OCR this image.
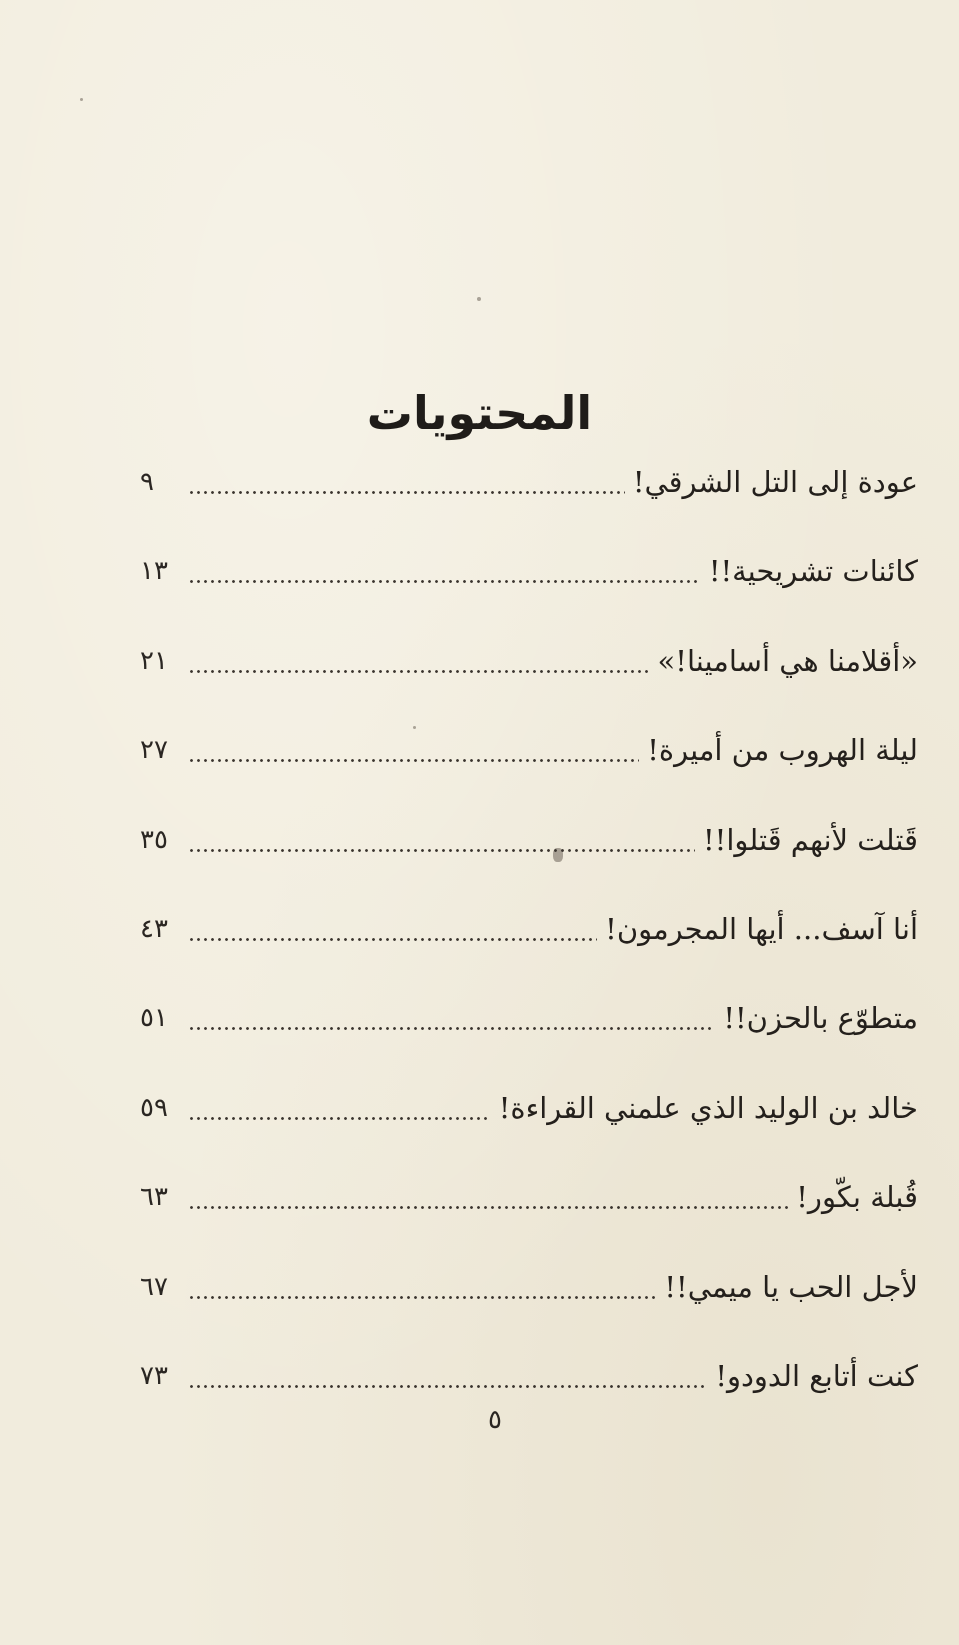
المحتويات
٩	عودة إلى التل الشرقي!
١٣	كائنات تشريحية!!
٢١	«أقلامنا هي أسامينا!»
٢٧	ليلة الهروب من أميرة!
٣٥	قَتلت لأنهم قَتلوا!!
٤٣	أنا آسف... أيها المجرمون!
٥١	متطوّع بالحزن!!
٥٩	خالد بن الوليد الذي علمني القراءة!
٦٣	قُبلة بكّور!
٦٧	لأجل الحب يا ميمي!!
٧٣	كنت أتابع الدودو!
٥
